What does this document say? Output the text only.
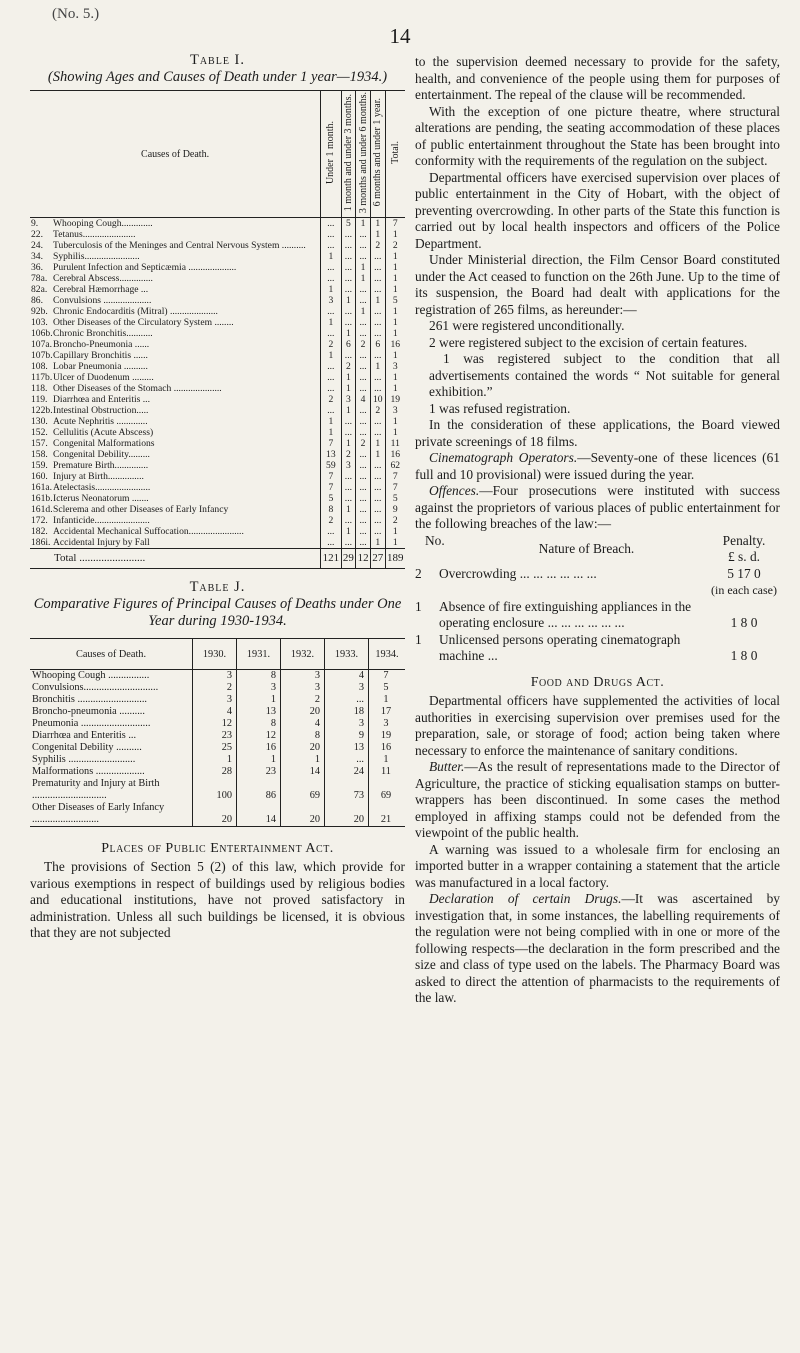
(No. 5.)
14
Table I.
(Showing Ages and Causes of Death under 1 year—1934.)
Causes of Death.	Under 1 month.	1 month and under 3 months.	3 months and under 6 months.	6 months and under 1 year.	Total.

9. Whooping Cough.............	...	5	1	1	7

22. Tetanus......................	...	...	...	1	1

24. Tuberculosis of the Meninges and Central Nervous System ..........	...	...	...	2	2

34. Syphilis.......................	1	...	...	...	1

36. Purulent Infection and Septicæmia ....................	...	...	1	...	1

78a. Cerebral Abscess..............	...	...	1	...	1

82a. Cerebral Hæmorrhage ...	1	...	...	...	1

86. Convulsions ....................	3	1	...	1	5

92b. Chronic Endocarditis (Mitral) ....................	...	...	1	...	1

103. Other Diseases of the Circulatory System ........	1	...	...	...	1

106b. Chronic Bronchitis...........	...	1	...	...	1

107a. Broncho-Pneumonia ......	2	6	2	6	16

107b. Capillary Bronchitis ......	1	...	...	...	1

108. Lobar Pneumonia ..........	...	2	...	1	3

117b. Ulcer of Duodenum .........	...	1	...	...	1

118. Other Diseases of the Stomach ....................	...	1	...	...	1

119. Diarrhœa and Enteritis ...	2	3	4	10	19

122b. Intestinal Obstruction.....	...	1	...	2	3

130. Acute Nephritis .............	1	...	...	...	1

152. Cellulitis (Acute Abscess)	1	...	...	...	1

157. Congenital Malformations	7	1	2	1	11

158. Congenital Debility.........	13	2	...	1	16

159. Premature Birth..............	59	3	...	...	62

160. Injury at Birth...............	7	...	...	...	7

161a. Atelectasis.......................	7	...	...	...	7

161b. Icterus Neonatorum .......	5	...	...	...	5

161d. Sclerema and other Diseases of Early Infancy	8	1	...	...	9

172. Infanticide.......................	2	...	...	...	2

182. Accidental Mechanical Suffocation.......................	...	1	...	...	1

186i. Accidental Injury by Fall	...	...	...	1	1
Total ........................	121	29	12	27	189
Table J.
Comparative Figures of Principal Causes of Deaths under One Year during 1930-1934.
Causes of Death.	1930.	1931.	1932.	1933.	1934.
Whooping Cough ................	3	8	3	4	7
Convulsions.............................	2	3	3	3	5
Bronchitis ...........................	3	1	2	...	1
Broncho-pneumonia ..........	4	13	20	18	17
Pneumonia ...........................	12	8	4	3	3
Diarrhœa and Enteritis ...	23	12	8	9	19
Congenital Debility ..........	25	16	20	13	16
Syphilis ..........................	1	1	1	...	1
Malformations ...................	28	23	14	24	11
Prematurity and Injury at Birth .............................	100	86	69	73	69
Other Diseases of Early Infancy ..........................	20	14	20	20	21
Places of Public Entertainment Act.

The provisions of Section 5 (2) of this law, which provide for various exemptions in respect of buildings used by religious bodies and educational institutions, have not proved satisfactory in administration. Unless all such buildings be licensed, it is obvious that they are not subjected

to the supervision deemed necessary to provide for the safety, health, and convenience of the people using them for purposes of entertainment. The repeal of the clause will be recommended.

With the exception of one picture theatre, where structural alterations are pending, the seating accommodation of these places of public entertainment throughout the State has been brought into conformity with the requirements of the regulation on the subject.

Departmental officers have exercised supervision over places of public entertainment in the City of Hobart, with the object of preventing overcrowding. In other parts of the State this function is carried out by local health inspectors and officers of the Police Department.

Under Ministerial direction, the Film Censor Board constituted under the Act ceased to function on the 26th June. Up to the time of its suspension, the Board had dealt with applications for the registration of 265 films, as hereunder:—

261 were registered unconditionally.

2 were registered subject to the excision of certain features.

1 was registered subject to the condition that all advertisements contained the words “ Not suitable for general exhibition.”

1 was refused registration.

In the consideration of these applications, the Board viewed private screenings of 18 films.

Cinematograph Operators.—Seventy-one of these licences (61 full and 10 provisional) were issued during the year.

Offences.—Four prosecutions were instituted with success against the proprietors of various places of public entertainment for the following breaches of the law:—

No.
Nature of Breach.
Penalty.
£ s. d.
2	Overcrowding ... ... ... ... ... ...	5 17 0
(in each case)
1	Absence of fire extinguishing appliances in the operating enclosure ... ... ... ... ... ...	1 8 0
1	Unlicensed persons operating cinematograph machine ...	1 8 0
Food and Drugs Act.

Departmental officers have supplemented the activities of local authorities in exercising supervision over premises used for the preparation, sale, or storage of food; action being taken where necessary to enforce the maintenance of sanitary conditions.

Butter.—As the result of representations made to the Director of Agriculture, the practice of sticking equalisation stamps on butter-wrappers has been discontinued. In some cases the method employed in affixing stamps could not be defended from the viewpoint of the public health.

A warning was issued to a wholesale firm for enclosing an imported butter in a wrapper containing a statement that the article was manufactured in a local factory.

Declaration of certain Drugs.—It was ascertained by investigation that, in some instances, the labelling requirements of the regulation were not being complied with in one or more of the following respects—the declaration in the form prescribed and the size and class of type used on the labels. The Pharmacy Board was asked to direct the attention of pharmacists to the requirements of the law.
